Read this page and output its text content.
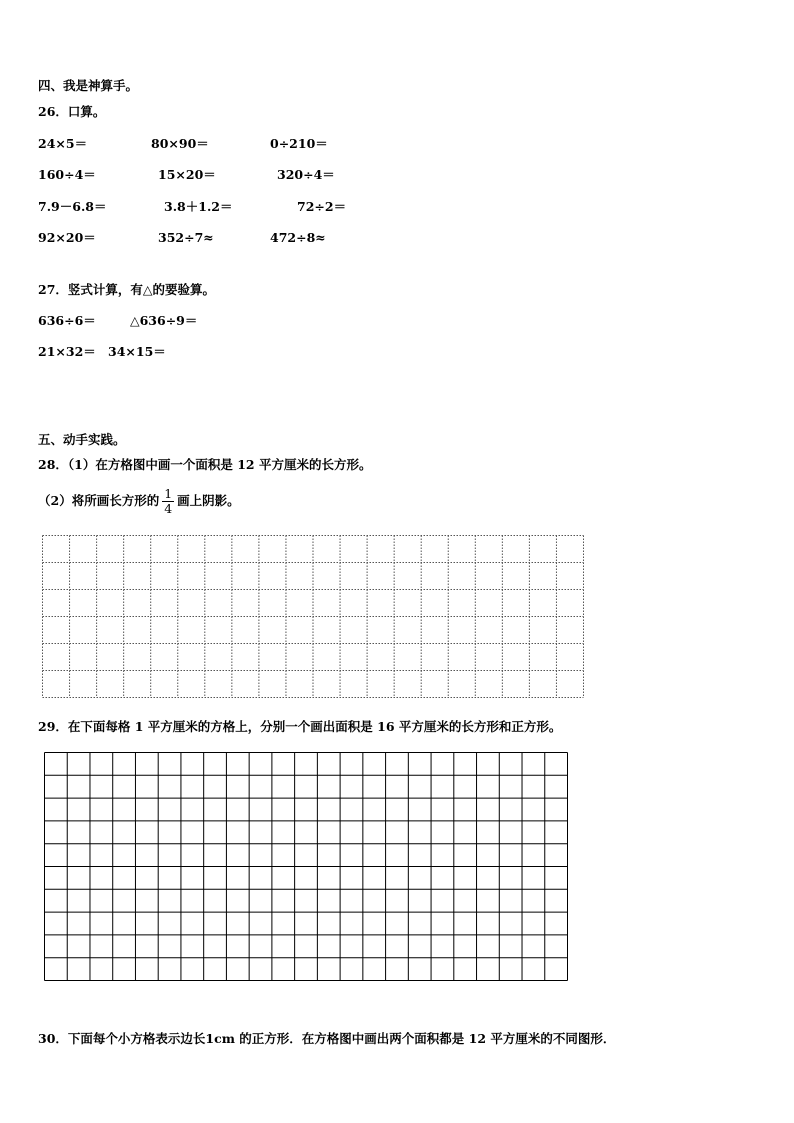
四、我是神算手。
26．口算。
24×5＝	80×90＝	0÷210＝
160÷4＝	15×20＝	320÷4＝
7.9－6.8＝	3.8＋1.2＝	72÷2＝
92×20＝	352÷7≈	472÷8≈
27．竖式计算，有△的要验算。
636÷6＝	△636÷9＝
21×32＝ 34×15＝
五、动手实践。
28．（1）在方格图中画一个面积是 12 平方厘米的长方形。
（2）将所画长方形的 $\frac{1}{4}$ 画上阴影。
29．在下面每格 1 平方厘米的方格上，分别一个画出面积是 16 平方厘米的长方形和正方形。
30．下面每个小方格表示边长1cm 的正方形．在方格图中画出两个面积都是 12 平方厘米的不同图形．
